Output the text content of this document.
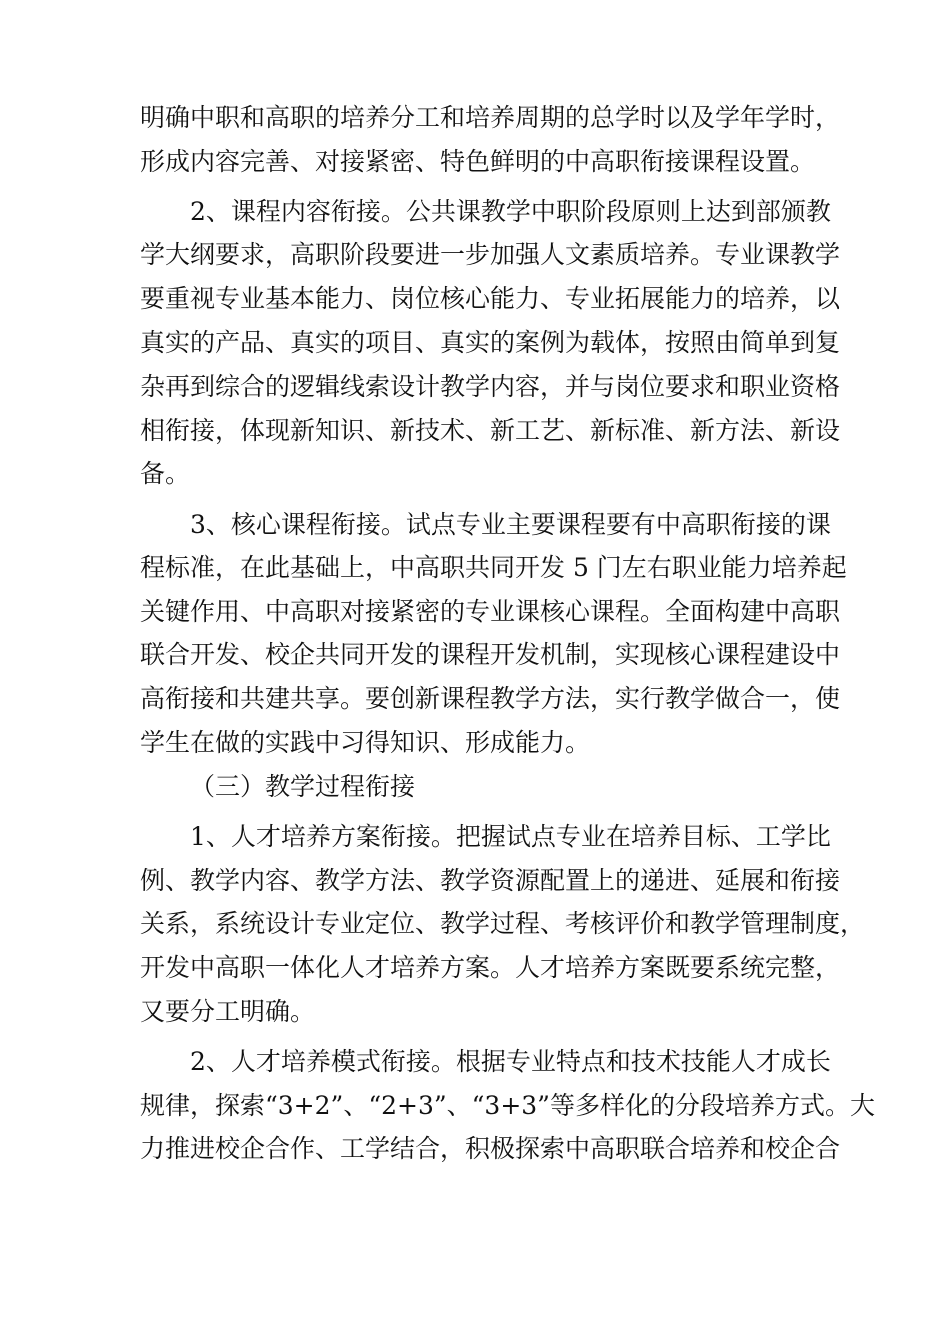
明确中职和高职的培养分工和培养周期的总学时以及学年学时，

形成内容完善、对接紧密、特色鲜明的中高职衔接课程设置。

2、课程内容衔接。公共课教学中职阶段原则上达到部颁教

学大纲要求，高职阶段要进一步加强人文素质培养。专业课教学

要重视专业基本能力、岗位核心能力、专业拓展能力的培养，以

真实的产品、真实的项目、真实的案例为载体，按照由简单到复

杂再到综合的逻辑线索设计教学内容，并与岗位要求和职业资格

相衔接，体现新知识、新技术、新工艺、新标准、新方法、新设

备。

3、核心课程衔接。试点专业主要课程要有中高职衔接的课

程标准，在此基础上，中高职共同开发 5 门左右职业能力培养起

关键作用、中高职对接紧密的专业课核心课程。全面构建中高职

联合开发、校企共同开发的课程开发机制，实现核心课程建设中

高衔接和共建共享。要创新课程教学方法，实行教学做合一，使

学生在做的实践中习得知识、形成能力。

（三）教学过程衔接

1、人才培养方案衔接。把握试点专业在培养目标、工学比

例、教学内容、教学方法、教学资源配置上的递进、延展和衔接

关系，系统设计专业定位、教学过程、考核评价和教学管理制度，

开发中高职一体化人才培养方案。人才培养方案既要系统完整，

又要分工明确。

2、人才培养模式衔接。根据专业特点和技术技能人才成长

规律，探索“3+2”、“2+3”、“3+3”等多样化的分段培养方式。大

力推进校企合作、工学结合，积极探索中高职联合培养和校企合
